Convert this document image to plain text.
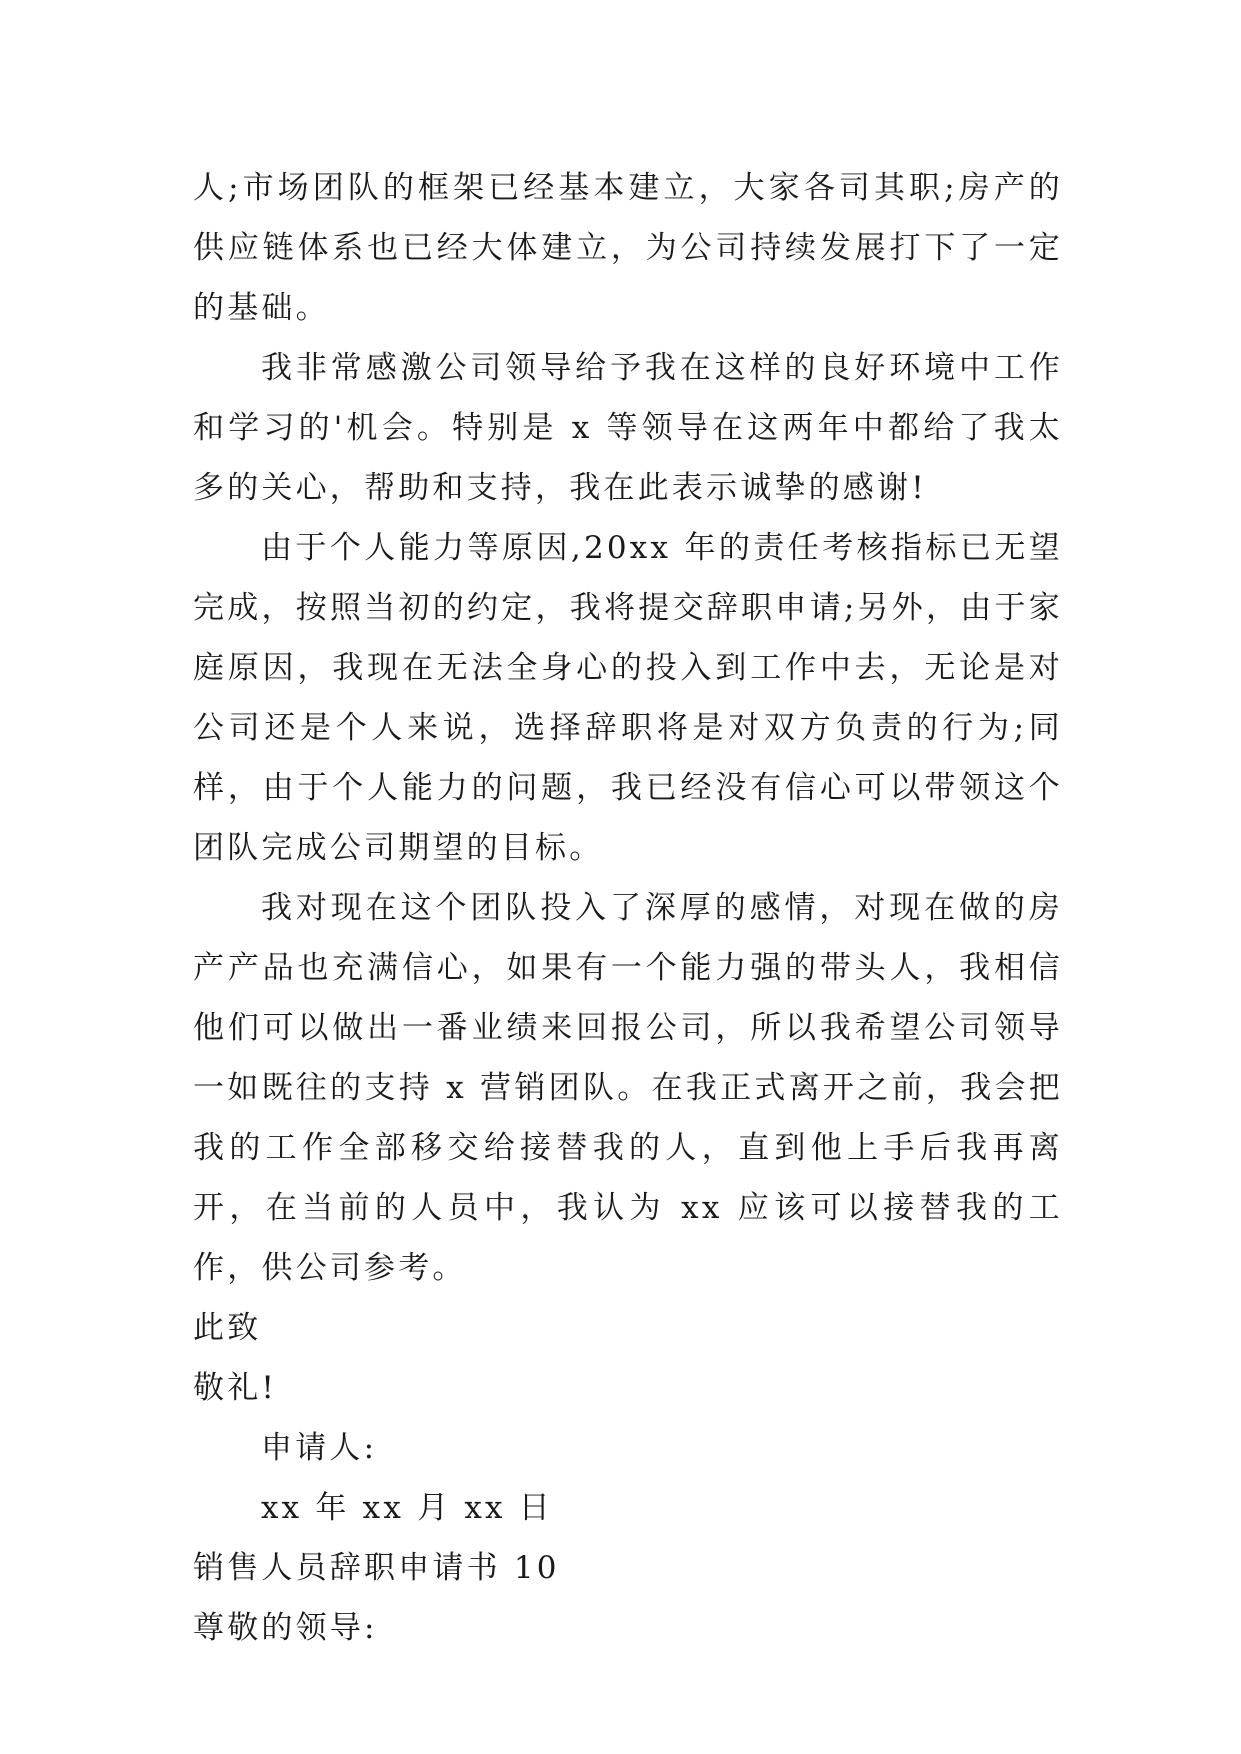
人;市场团队的框架已经基本建立，大家各司其职;房产的供应链体系也已经大体建立，为公司持续发展打下了一定的基础。

我非常感激公司领导给予我在这样的良好环境中工作和学习的'机会。特别是 x 等领导在这两年中都给了我太多的关心，帮助和支持，我在此表示诚挚的感谢!

由于个人能力等原因,20xx 年的责任考核指标已无望完成，按照当初的约定，我将提交辞职申请;另外，由于家庭原因，我现在无法全身心的投入到工作中去，无论是对公司还是个人来说，选择辞职将是对双方负责的行为;同样，由于个人能力的问题，我已经没有信心可以带领这个团队完成公司期望的目标。

我对现在这个团队投入了深厚的感情，对现在做的房产产品也充满信心，如果有一个能力强的带头人，我相信他们可以做出一番业绩来回报公司，所以我希望公司领导一如既往的支持 x 营销团队。在我正式离开之前，我会把我的工作全部移交给接替我的人，直到他上手后我再离开，在当前的人员中，我认为 xx 应该可以接替我的工作，供公司参考。

此致

敬礼!

申请人:

xx 年 xx 月 xx 日

销售人员辞职申请书 10

尊敬的领导:
